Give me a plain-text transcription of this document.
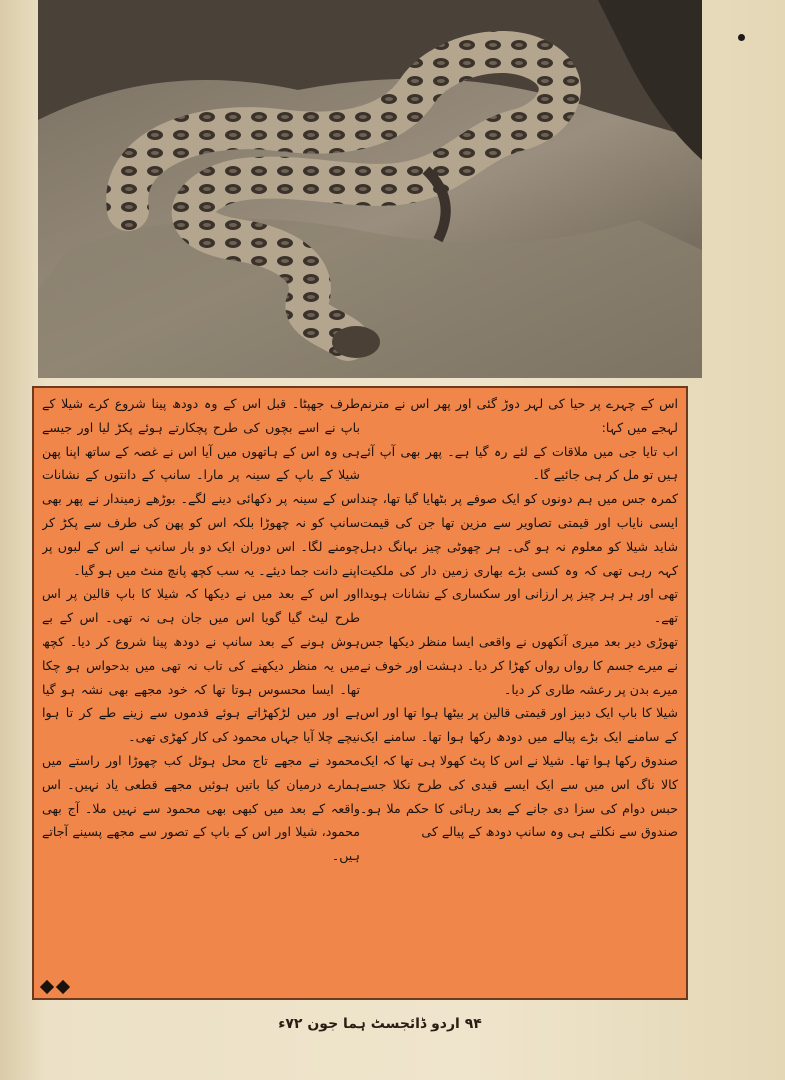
اس کے چہرے پر حیا کی لہر دوڑ گئی اور پھر اس نے مترنم لہجے میں کہا:

اب تایا جی میں ملاقات کے لئے رہ گیا ہے۔ پھر بھی آپ آئے ہیں تو مل کر ہی جائیے گا۔

کمرہ جس میں ہم دونوں کو ایک صوفے پر بٹھایا گیا تھا، چند ایسی نایاب اور قیمتی تصاویر سے مزین تھا جن کی قیمت شاید شیلا کو معلوم نہ ہو گی۔ ہر چھوٹی چیز بہانگ دہل کہہ رہی تھی کہ وہ کسی بڑے بھاری زمین دار کی ملکیت تھی اور ہر ہر چیز پر ارزانی اور سکساری کے نشانات ہویدا تھے۔

تھوڑی دیر بعد میری آنکھوں نے واقعی ایسا منظر دیکھا جس نے میرے جسم کا رواں رواں کھڑا کر دیا۔ دہشت اور خوف نے میرے بدن پر رعشہ طاری کر دیا۔

شیلا کا باپ ایک دبیز اور قیمتی قالین پر بیٹھا ہوا تھا اور اس کے سامنے ایک بڑے پیالے میں دودھ رکھا ہوا تھا۔ سامنے ایک صندوق رکھا ہوا تھا۔ شیلا نے اس کا پٹ کھولا ہی تھا کہ ایک کالا ناگ اس میں سے ایک ایسے قیدی کی طرح نکلا جسے حبس دوام کی سزا دی جانے کے بعد رہائی کا حکم ملا ہو۔ صندوق سے نکلتے ہی وہ سانپ دودھ کے پیالے کی

طرف جھپٹا۔ قبل اس کے وہ دودھ پینا شروع کرے شیلا کے باپ نے اسے بچوں کی طرح پچکارتے ہوئے پکڑ لیا اور جیسے ہی وہ اس کے ہاتھوں میں آیا اس نے غصہ کے ساتھ اپنا پھن شیلا کے باپ کے سینہ پر مارا۔ سانپ کے دانتوں کے نشانات اس کے سینہ پر دکھائی دینے لگے۔ بوڑھے زمیندار نے پھر بھی سانپ کو نہ چھوڑا بلکہ اس کو پھن کی طرف سے پکڑ کر چومنے لگا۔ اس دوران ایک دو بار سانپ نے اس کے لبوں پر اپنے دانت جما دیئے۔ یہ سب کچھ پانچ منٹ میں ہو گیا۔

اور اس کے بعد میں نے دیکھا کہ شیلا کا باپ قالین پر اس طرح لیٹ گیا گویا اس میں جان ہی نہ تھی۔ اس کے بے ہوش ہونے کے بعد سانپ نے دودھ پینا شروع کر دیا۔ کچھ میں یہ منظر دیکھنے کی تاب نہ تھی میں بدحواس ہو چکا تھا۔ ایسا محسوس ہوتا تھا کہ خود مجھے بھی نشہ ہو گیا ہے اور میں لڑکھڑاتے ہوئے قدموں سے زینے طے کر تا ہوا نیچے چلا آیا جہاں محمود کی کار کھڑی تھی۔

محمود نے مجھے تاج محل ہوٹل کب چھوڑا اور راستے میں ہمارے درمیان کیا باتیں ہوئیں مجھے قطعی یاد نہیں۔ اس واقعہ کے بعد میں کبھی بھی محمود سے نہیں ملا۔ آج بھی محمود، شیلا اور اس کے باپ کے تصور سے مجھے پسینے آجاتے ہیں۔

۹۴ اردو ڈائجسٹ ہما جون ۷۲ء
